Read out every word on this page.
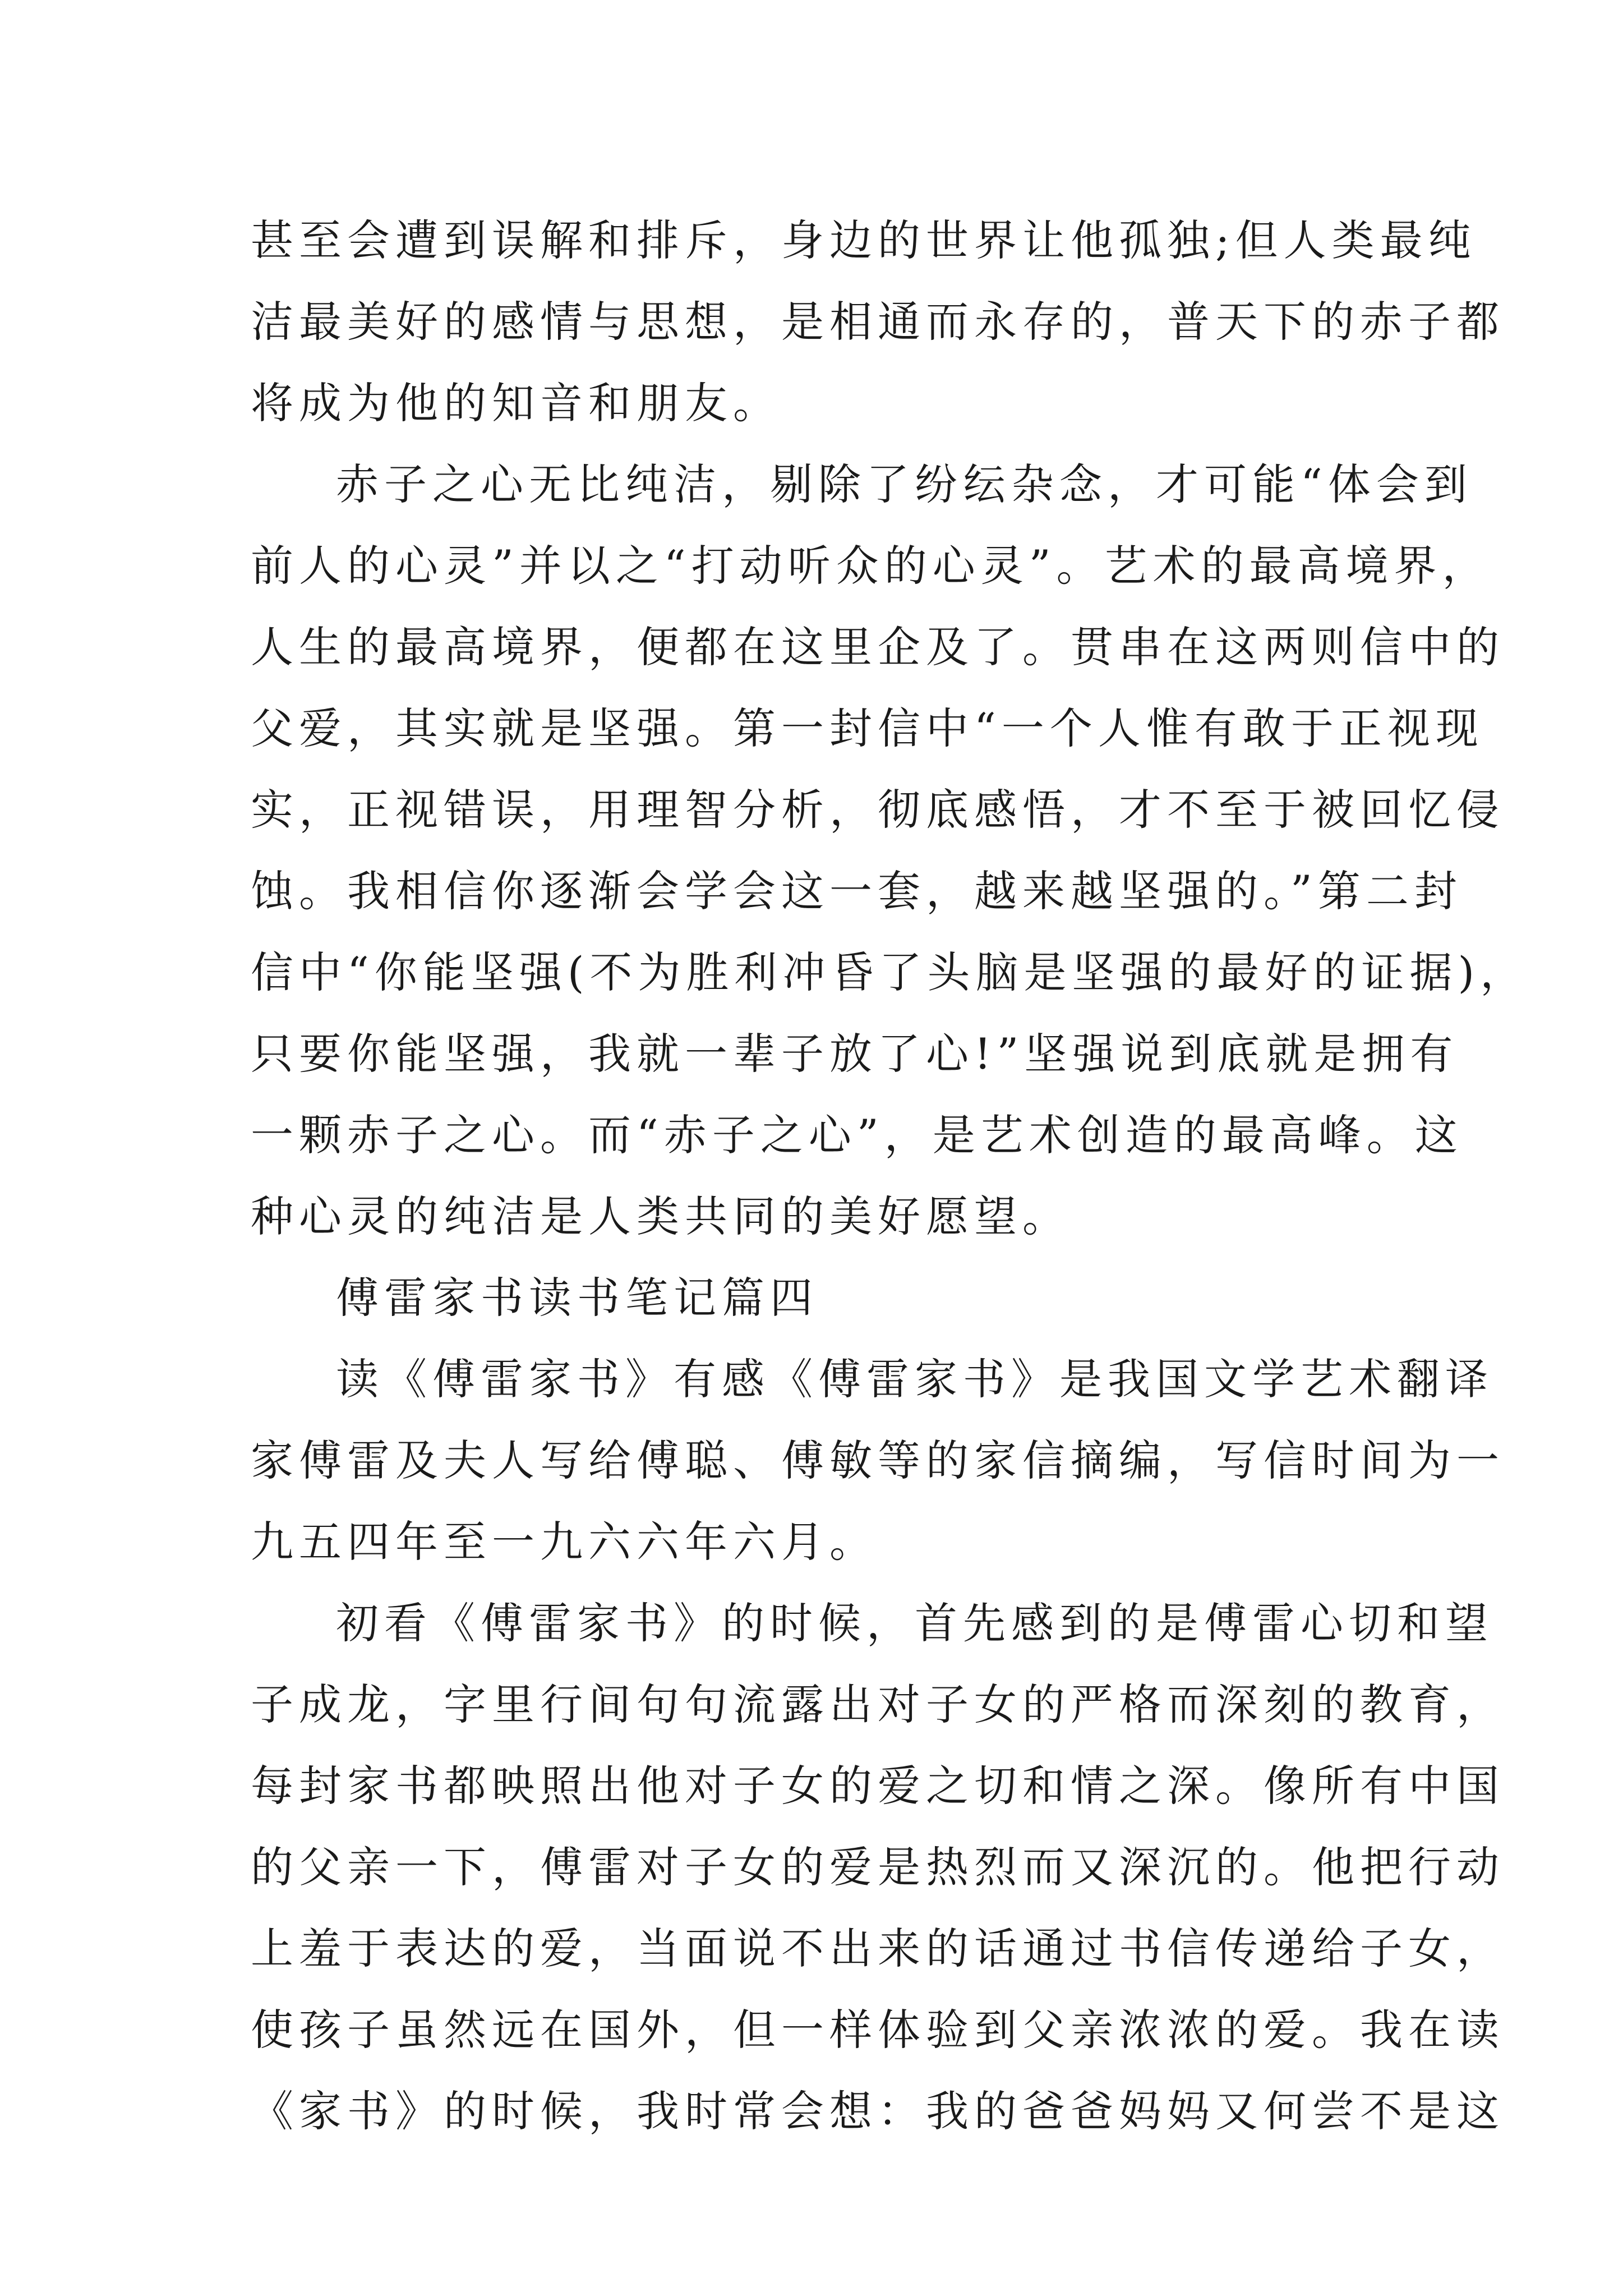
甚至会遭到误解和排斥，身边的世界让他孤独;但人类最纯
洁最美好的感情与思想，是相通而永存的，普天下的赤子都
将成为他的知音和朋友。
赤子之心无比纯洁，剔除了纷纭杂念，才可能“体会到
前人的心灵”并以之“打动听众的心灵”。艺术的最高境界，
人生的最高境界，便都在这里企及了。贯串在这两则信中的
父爱，其实就是坚强。第一封信中“一个人惟有敢于正视现
实，正视错误，用理智分析，彻底感悟，才不至于被回忆侵
蚀。我相信你逐渐会学会这一套，越来越坚强的。”第二封
信中“你能坚强(不为胜利冲昏了头脑是坚强的最好的证据)，
只要你能坚强，我就一辈子放了心!”坚强说到底就是拥有
一颗赤子之心。而“赤子之心”，是艺术创造的最高峰。这
种心灵的纯洁是人类共同的美好愿望。
傅雷家书读书笔记篇四
读《傅雷家书》有感《傅雷家书》是我国文学艺术翻译
家傅雷及夫人写给傅聪、傅敏等的家信摘编，写信时间为一
九五四年至一九六六年六月。
初看《傅雷家书》的时候，首先感到的是傅雷心切和望
子成龙，字里行间句句流露出对子女的严格而深刻的教育，
每封家书都映照出他对子女的爱之切和情之深。像所有中国
的父亲一下，傅雷对子女的爱是热烈而又深沉的。他把行动
上羞于表达的爱，当面说不出来的话通过书信传递给子女，
使孩子虽然远在国外，但一样体验到父亲浓浓的爱。我在读
《家书》的时候，我时常会想：我的爸爸妈妈又何尝不是这
